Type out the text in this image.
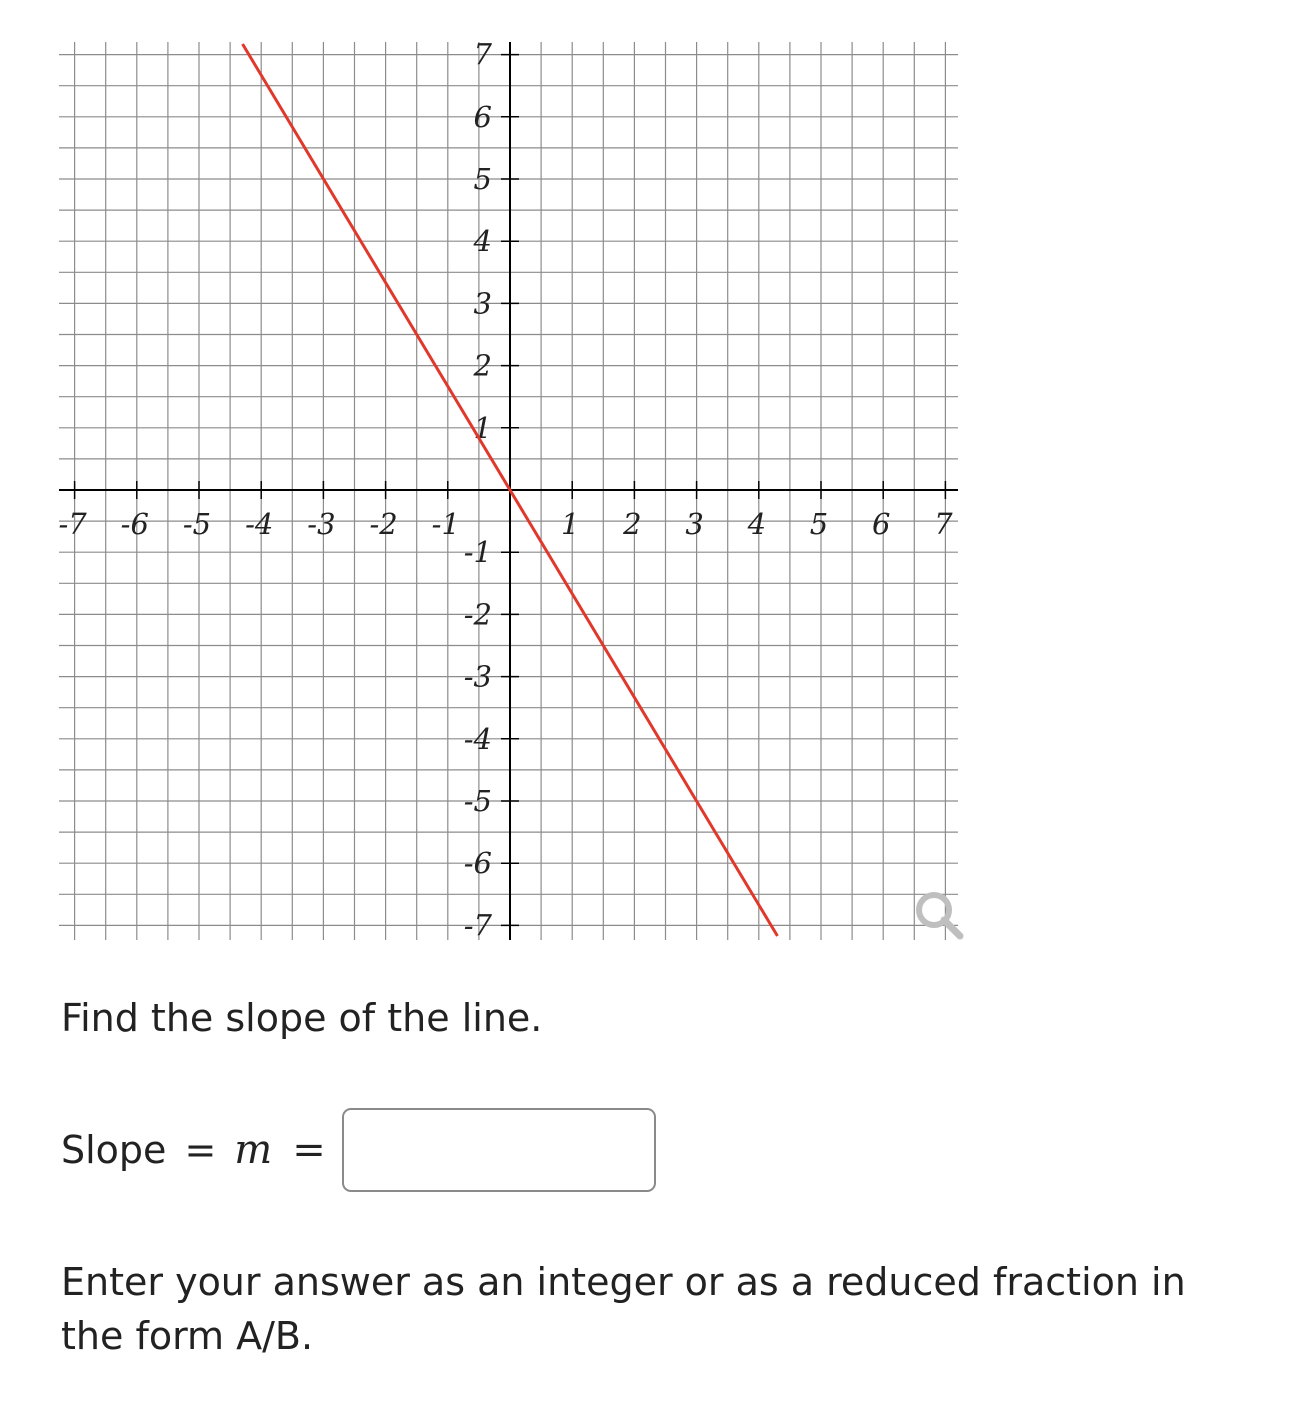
-7 -6 -5 -4 -3 -2 -1	1 2 3 4 5 6 7
7
6
5
4
3
2
1
-1
-2
-3
-4
-5
-6
-7

Find the slope of the line.

Slope = m =

Enter your answer as an integer or as a reduced fraction in the form A/B.
